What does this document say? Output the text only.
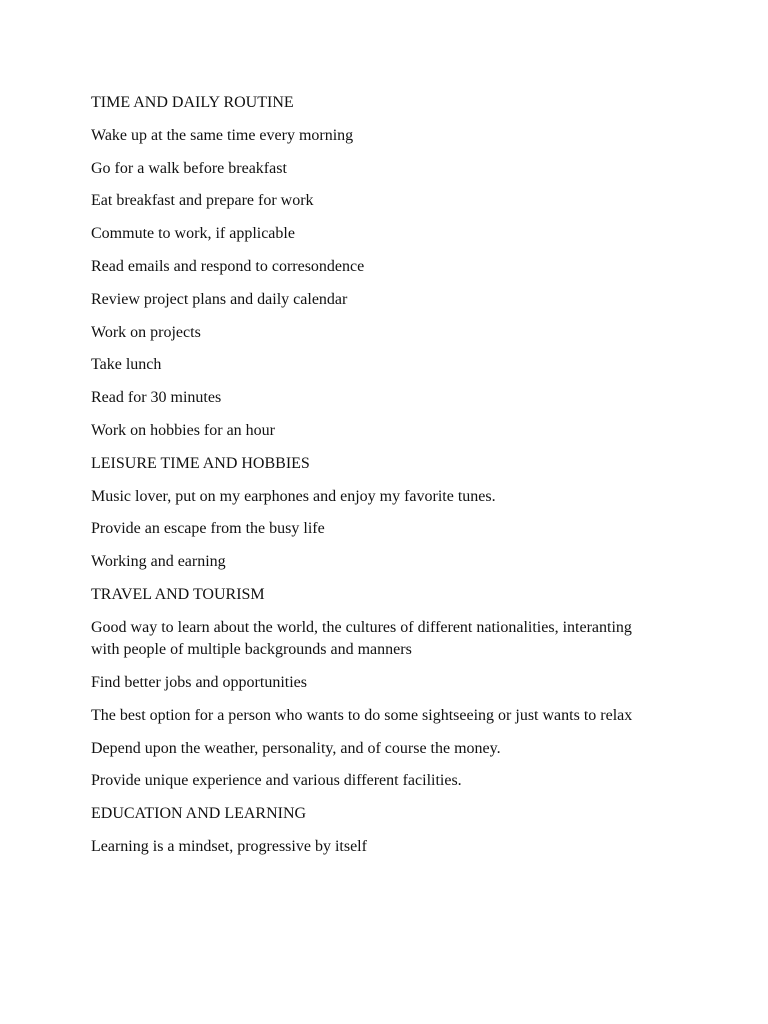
TIME AND DAILY ROUTINE

Wake up at the same time every morning

Go for a walk before breakfast

Eat breakfast and prepare for work

Commute to work, if applicable

Read emails and respond to corresondence

Review project plans and daily calendar

Work on projects

Take lunch

Read for 30 minutes

Work on hobbies for an hour

LEISURE TIME AND HOBBIES

Music lover, put on my earphones and enjoy my favorite tunes.

Provide an escape from the busy life

Working and earning

TRAVEL AND TOURISM

Good way to learn about the world, the cultures of different nationalities, interanting with people of multiple backgrounds and manners

Find better jobs and opportunities

The best option for a person who wants to do some sightseeing or just wants to relax

Depend upon the weather, personality, and of course the money.

Provide unique experience and various different facilities.

EDUCATION AND LEARNING

Learning is a mindset, progressive by itself
